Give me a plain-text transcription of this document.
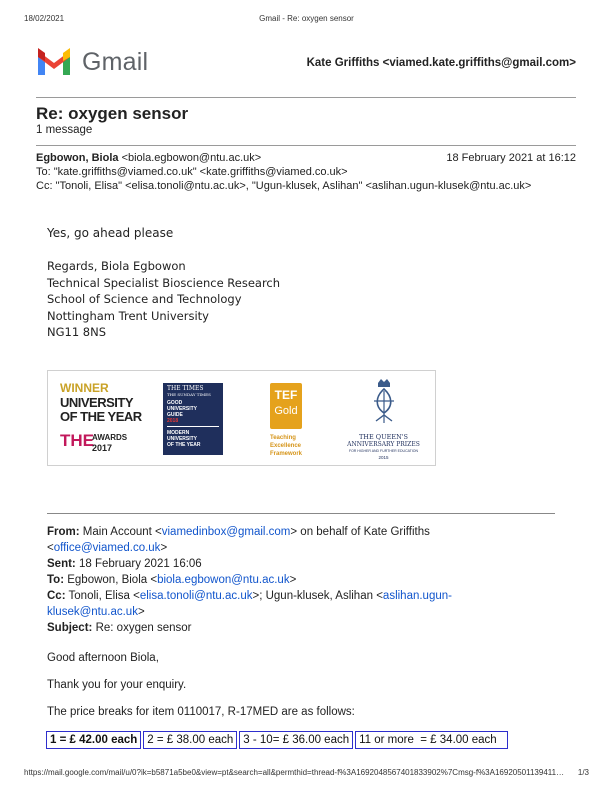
18/02/2021	Gmail - Re: oxygen sensor
Gmail	Kate Griffiths <viamed.kate.griffiths@gmail.com>
Re: oxygen sensor
1 message
Egbowon, Biola <biola.egbowon@ntu.ac.uk>	18 February 2021 at 16:12
To: "kate.griffiths@viamed.co.uk" <kate.griffiths@viamed.co.uk>
Cc: "Tonoli, Elisa" <elisa.tonoli@ntu.ac.uk>, "Ugun-klusek, Aslihan" <aslihan.ugun-klusek@ntu.ac.uk>
Yes, go ahead please
Regards, Biola Egbowon
Technical Specialist Bioscience Research
School of Science and Technology
Nottingham Trent University
NG11 8NS
WINNER
UNIVERSITY
OF THE YEAR
THE
AWARDS
2017
THE TIMES
THE SUNDAY TIMES
GOOD
UNIVERSITY
GUIDE
2018
MODERN
UNIVERSITY
OF THE YEAR
TEF
Gold
Teaching
Excellence
Framework
THE QUEEN'S
ANNIVERSARY PRIZES
FOR HIGHER AND FURTHER EDUCATION
2015
From: Main Account <viamedinbox@gmail.com> on behalf of Kate Griffiths
<office@viamed.co.uk>
Sent: 18 February 2021 16:06
To: Egbowon, Biola <biola.egbowon@ntu.ac.uk>
Cc: Tonoli, Elisa <elisa.tonoli@ntu.ac.uk>; Ugun-klusek, Aslihan <aslihan.ugun-
klusek@ntu.ac.uk>
Subject: Re: oxygen sensor
Good afternoon Biola,
Thank you for your enquiry.
The price breaks for item 0110017, R-17MED are as follows:
1 = £ 42.00 each 2 = £ 38.00 each 3 - 10= £ 36.00 each 11 or more  = £ 34.00 each
https://mail.google.com/mail/u/0?ik=b5871a5be0&view=pt&search=all&permthid=thread-f%3A1692048567401833902%7Cmsg-f%3A16920501139411… 1/3
